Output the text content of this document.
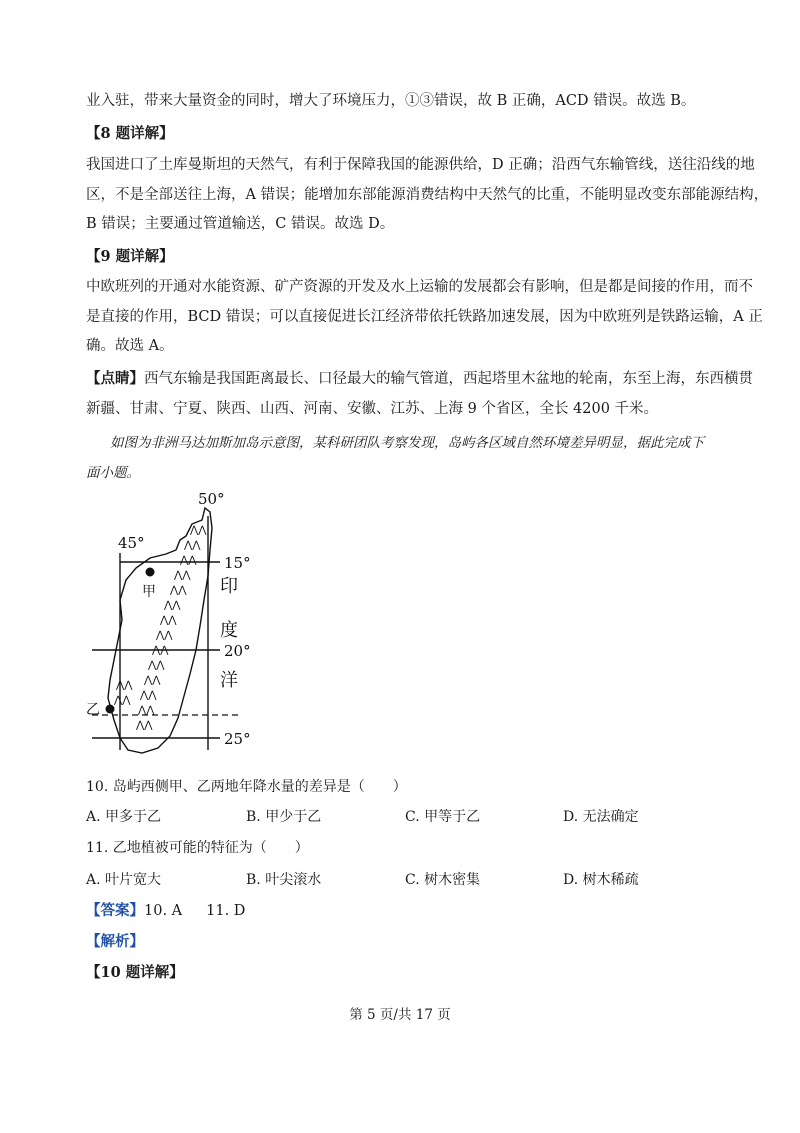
业入驻，带来大量资金的同时，增大了环境压力，①③错误，故 B 正确，ACD 错误。故选 B。
【8 题详解】
我国进口了土库曼斯坦的天然气，有利于保障我国的能源供给，D 正确；沿西气东输管线，送往沿线的地
区，不是全部送往上海，A 错误；能增加东部能源消费结构中天然气的比重，不能明显改变东部能源结构，
B 错误；主要通过管道输送，C 错误。故选 D。
【9 题详解】
中欧班列的开通对水能资源、矿产资源的开发及水上运输的发展都会有影响，但是都是间接的作用，而不
是直接的作用，BCD 错误；可以直接促进长江经济带依托铁路加速发展，因为中欧班列是铁路运输，A 正
确。故选 A。
【点睛】西气东输是我国距离最长、口径最大的输气管道，西起塔里木盆地的轮南，东至上海，东西横贯
新疆、甘肃、宁夏、陕西、山西、河南、安徽、江苏、上海 9 个省区，全长 4200 千米。
如图为非洲马达加斯加岛示意图，某科研团队考察发现，岛屿各区域自然环境差异明显，据此完成下
面小题。
⋀⋀
⋀⋀
⋀⋀
⋀⋀
⋀⋀
⋀⋀
⋀⋀
⋀⋀
⋀⋀
⋀⋀
⋀⋀
⋀⋀
⋀⋀
⋀⋀
⋀⋀
⋀⋀
50°
45°
15°
20°
25°
印
度
洋
甲
乙
10. 岛屿西侧甲、乙两地年降水量的差异是（　　）
A. 甲多于乙	B. 甲少于乙	C. 甲等于乙	D. 无法确定
11. 乙地植被可能的特征为（　　）
A. 叶片宽大	B. 叶尖滚水	C. 树木密集	D. 树木稀疏
【答案】10. A 11. D
【解析】
【10 题详解】
第 5 页/共 17 页
